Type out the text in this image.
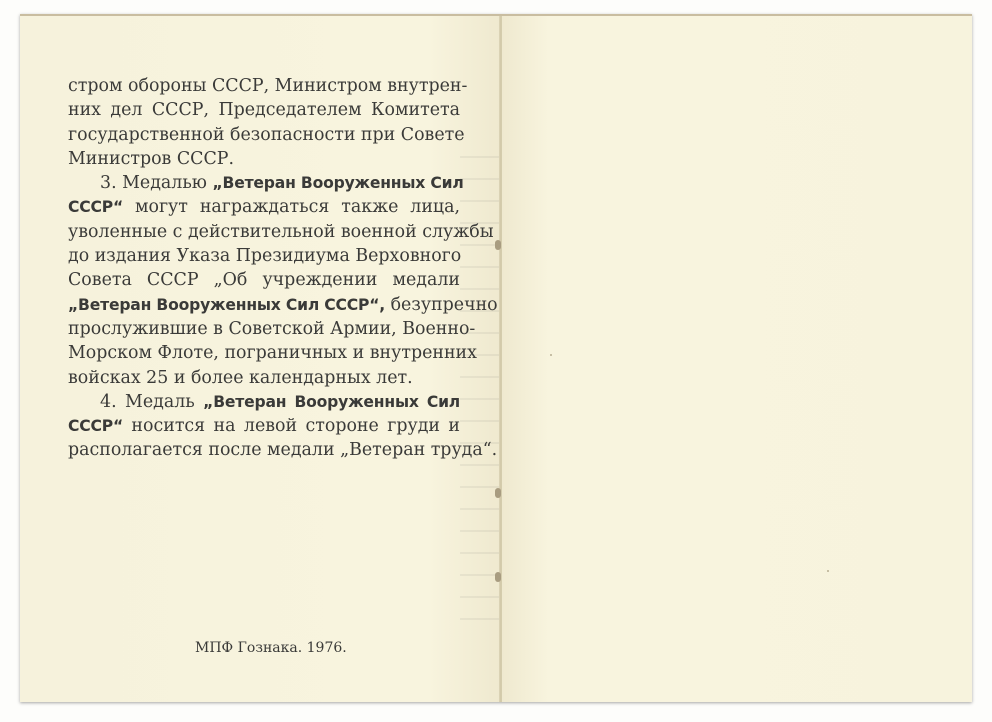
стром обороны СССР, Министром внутрен-
них дел СССР, Председателем Комитета
государственной безопасности при Совете
Министров СССР.
3. Медалью „Ветеран Вооруженных Сил
СССР“ могут награждаться также лица,
уволенные с действительной военной службы
до издания Указа Президиума Верховного
Совета СССР „Об учреждении медали
„Ветеран Вооруженных Сил СССР“, безупречно
прослужившие в Советской Армии, Военно-
Морском Флоте, пограничных и внутренних
войсках 25 и более календарных лет.
4. Медаль „Ветеран Вооруженных Сил
СССР“ носится на левой стороне груди и
располагается после медали „Ветеран труда“.
МПФ Гознака. 1976.
